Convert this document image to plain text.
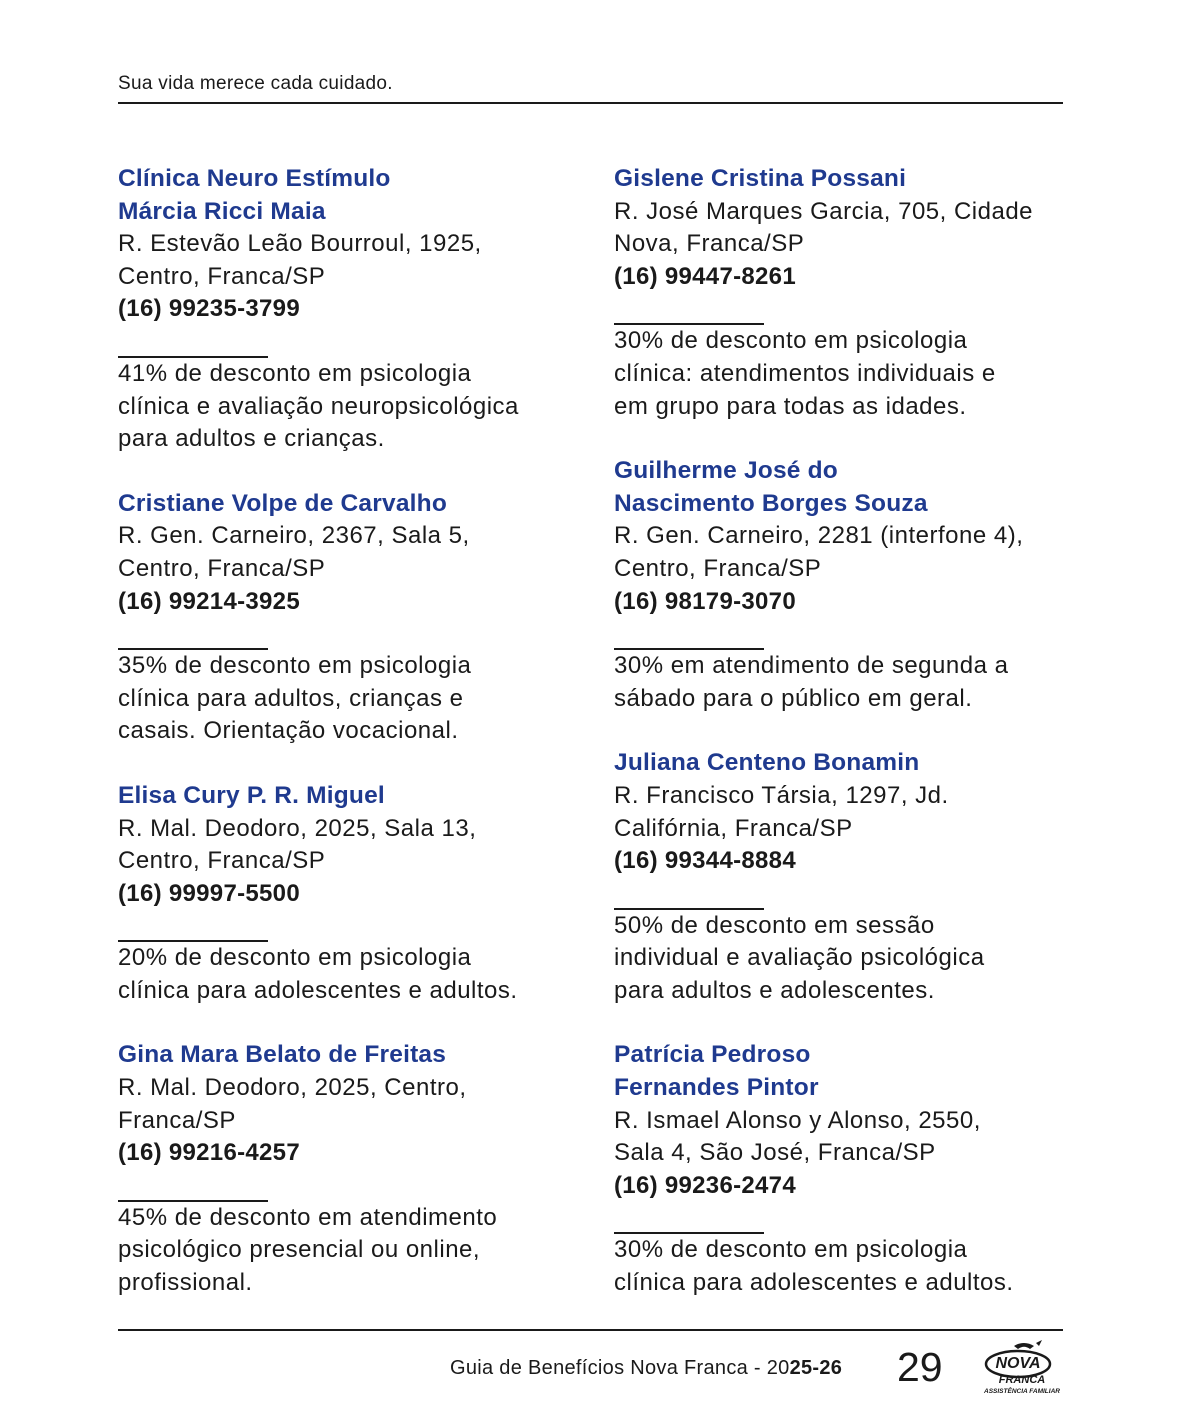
Sua vida merece cada cuidado.
Clínica Neuro Estímulo
Márcia Ricci Maia
R. Estevão Leão Bourroul, 1925,
Centro, Franca/SP
(16) 99235-3799
41% de desconto em psicologia
clínica e avaliação neuropsicológica
para adultos e crianças.
Cristiane Volpe de Carvalho
R. Gen. Carneiro, 2367, Sala 5,
Centro, Franca/SP
(16) 99214-3925
35% de desconto em psicologia
clínica para adultos, crianças e
casais. Orientação vocacional.
Elisa Cury P. R. Miguel
R. Mal. Deodoro, 2025, Sala 13,
Centro, Franca/SP
(16) 99997-5500
20% de desconto em psicologia
clínica para adolescentes e adultos.
Gina Mara Belato de Freitas
R. Mal. Deodoro, 2025, Centro,
Franca/SP
(16) 99216-4257
45% de desconto em atendimento
psicológico presencial ou online,
profissional.
Gislene Cristina Possani
R. José Marques Garcia, 705, Cidade
Nova, Franca/SP
(16) 99447-8261
30% de desconto em psicologia
clínica: atendimentos individuais e
em grupo para todas as idades.
Guilherme José do
Nascimento Borges Souza
R. Gen. Carneiro, 2281 (interfone 4),
Centro, Franca/SP
(16) 98179-3070
30% em atendimento de segunda a
sábado para o público em geral.
Juliana Centeno Bonamin
R. Francisco Társia, 1297, Jd.
Califórnia, Franca/SP
(16) 99344-8884
50% de desconto em sessão
individual e avaliação psicológica
para adultos e adolescentes.
Patrícia Pedroso
Fernandes Pintor
R. Ismael Alonso y Alonso, 2550,
Sala 4, São José, Franca/SP
(16) 99236-2474
30% de desconto em psicologia
clínica para adolescentes e adultos.
Guia de Benefícios Nova Franca - 2025-26 29	NOVA
FRANCA
ASSISTÊNCIA FAMILIAR
